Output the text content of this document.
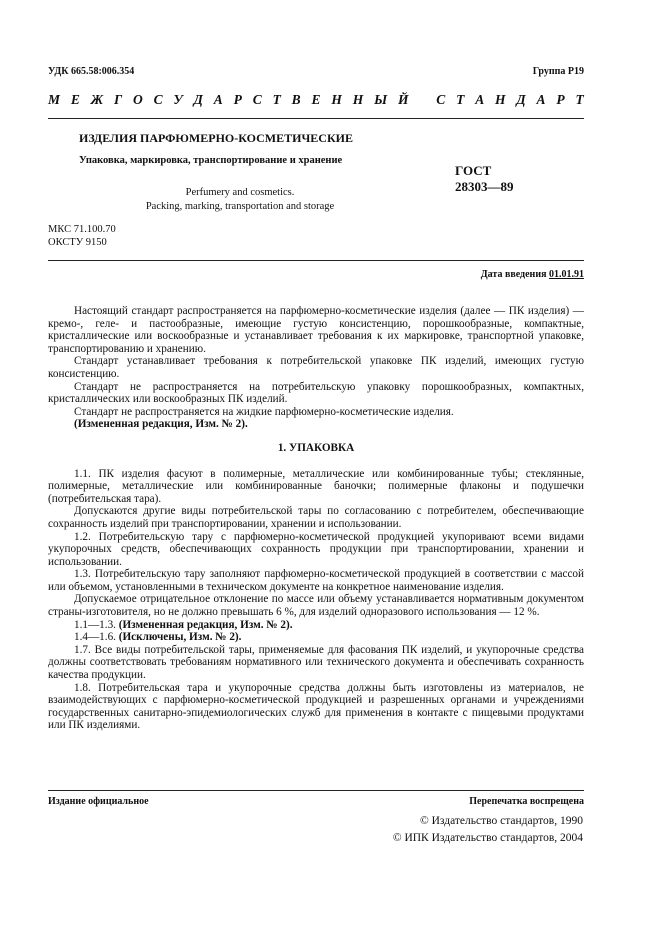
УДК 665.58:006.354	Группа Р19
М Е Ж Г О С У Д А Р С Т В Е Н Н Ы Й С Т А Н Д А Р Т
ИЗДЕЛИЯ ПАРФЮМЕРНО-КОСМЕТИЧЕСКИЕ
Упаковка, маркировка, транспортирование и хранение
ГОСТ
28303—89
Perfumery and cosmetics.
Packing, marking, transportation and storage
МКС 71.100.70
ОКСТУ 9150
Дата введения 01.01.91

Настоящий стандарт распространяется на парфюмерно-косметические изделия (далее — ПК изделия) — кремо-, геле- и пастообразные, имеющие густую консистенцию, порошкообразные, компактные, кристаллические или воскообразные и устанавливает требования к их маркировке, транспортной упаковке, транспортированию и хранению.

Стандарт устанавливает требования к потребительской упаковке ПК изделий, имеющих густую консистенцию.

Стандарт не распространяется на потребительскую упаковку порошкообразных, компактных, кристаллических или воскообразных ПК изделий.

Стандарт не распространяется на жидкие парфюмерно-косметические изделия.

(Измененная редакция, Изм. № 2).

1. УПАКОВКА

1.1. ПК изделия фасуют в полимерные, металлические или комбинированные тубы; стеклянные, полимерные, металлические или комбинированные баночки; полимерные флаконы и подушечки (потребительская тара).

Допускаются другие виды потребительской тары по согласованию с потребителем, обеспечивающие сохранность изделий при транспортировании, хранении и использовании.

1.2. Потребительскую тару с парфюмерно-косметической продукцией укупоривают всеми видами укупорочных средств, обеспечивающих сохранность продукции при транспортировании, хранении и использовании.

1.3. Потребительскую тару заполняют парфюмерно-косметической продукцией в соответствии с массой или объемом, установленными в техническом документе на конкретное наименование изделия.

Допускаемое отрицательное отклонение по массе или объему устанавливается нормативным документом страны-изготовителя, но не должно превышать 6 %, для изделий одноразового использования — 12 %.

1.1—1.3. (Измененная редакция, Изм. № 2).

1.4—1.6. (Исключены, Изм. № 2).

1.7. Все виды потребительской тары, применяемые для фасования ПК изделий, и укупорочные средства должны соответствовать требованиям нормативного или технического документа и обеспечивать сохранность качества продукции.

1.8. Потребительская тара и укупорочные средства должны быть изготовлены из материалов, не взаимодействующих с парфюмерно-косметической продукцией и разрешенных органами и учреждениями государственных санитарно-эпидемиологических служб для применения в контакте с пищевыми продуктами или ПК изделиями.

Издание официальное	Перепечатка воспрещена
© Издательство стандартов, 1990
© ИПК Издательство стандартов, 2004
